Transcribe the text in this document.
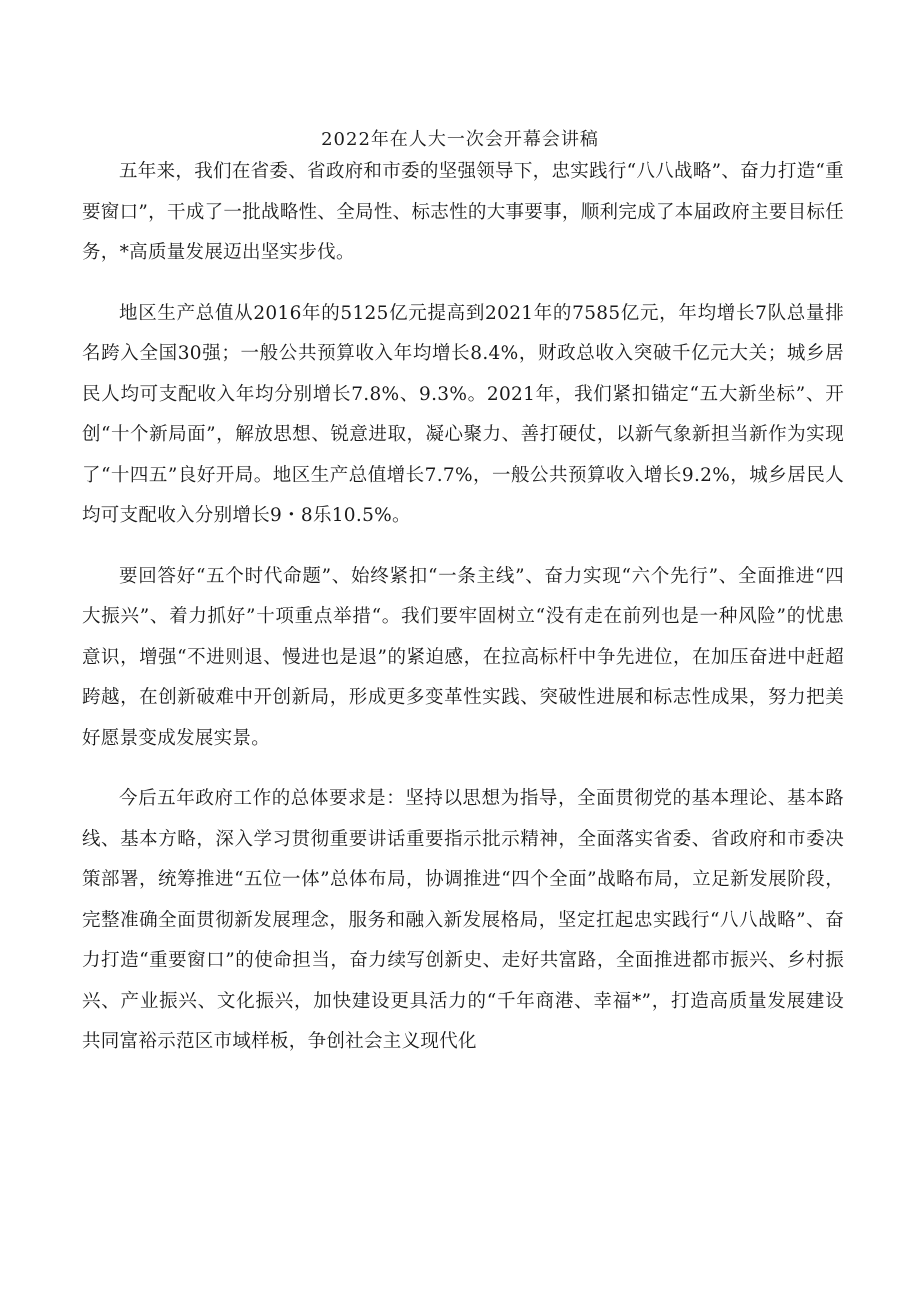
2022年在人大一次会开幕会讲稿

五年来，我们在省委、省政府和市委的坚强领导下，忠实践行“八八战略”、奋力打造“重要窗口”，干成了一批战略性、全局性、标志性的大事要事，顺利完成了本届政府主要目标任务，*高质量发展迈出坚实步伐。

地区生产总值从2016年的5125亿元提高到2021年的7585亿元，年均增长7队总量排名跨入全国30强；一般公共预算收入年均增长8.4%，财政总收入突破千亿元大关；城乡居民人均可支配收入年均分别增长7.8%、9.3%。2021年，我们紧扣锚定“五大新坐标”、开创“十个新局面”，解放思想、锐意进取，凝心聚力、善打硬仗，以新气象新担当新作为实现了“十四五”良好开局。地区生产总值增长7.7%，一般公共预算收入增长9.2%，城乡居民人均可支配收入分别增长9・8乐10.5%。

要回答好“五个时代命题”、始终紧扣“一条主线”、奋力实现“六个先行”、全面推进“四大振兴”、着力抓好”十项重点举措“。我们要牢固树立“没有走在前列也是一种风险”的忧患意识，增强“不进则退、慢进也是退”的紧迫感，在拉高标杆中争先进位，在加压奋进中赶超跨越，在创新破难中开创新局，形成更多变革性实践、突破性进展和标志性成果，努力把美好愿景变成发展实景。

今后五年政府工作的总体要求是：坚持以思想为指导，全面贯彻党的基本理论、基本路线、基本方略，深入学习贯彻重要讲话重要指示批示精神，全面落实省委、省政府和市委决策部署，统筹推进“五位一体”总体布局，协调推进“四个全面”战略布局，立足新发展阶段，完整准确全面贯彻新发展理念，服务和融入新发展格局，坚定扛起忠实践行“八八战略”、奋力打造“重要窗口”的使命担当，奋力续写创新史、走好共富路，全面推进都市振兴、乡村振兴、产业振兴、文化振兴，加快建设更具活力的“千年商港、幸福*”，打造高质量发展建设共同富裕示范区市域样板，争创社会主义现代化
